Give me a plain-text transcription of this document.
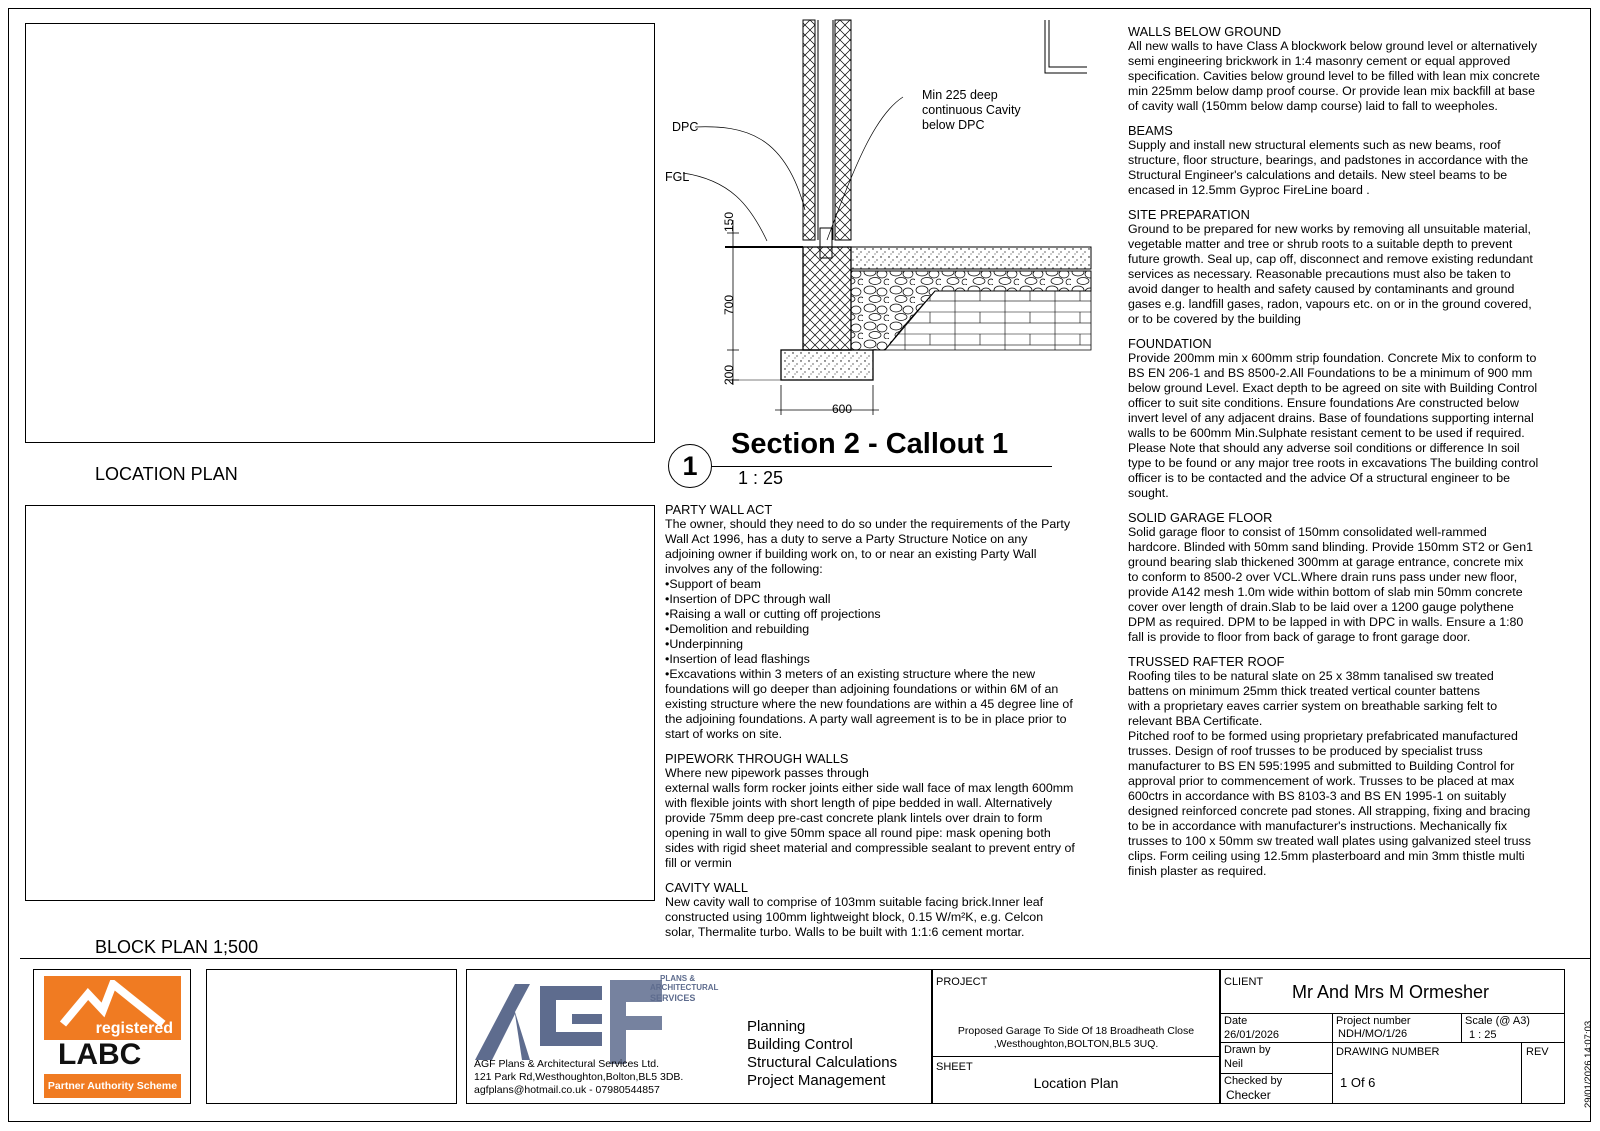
LOCATION PLAN
BLOCK PLAN 1;500
DPC
FGL
Min 225 deep
continuous Cavity
below DPC
150
700
200
600
1
Section 2 - Callout 1
1 : 25
PARTY WALL ACT

The owner, should they need to do so under the requirements of the Party
Wall Act 1996, has a duty to serve a Party Structure Notice on any
adjoining owner if building work on, to or near an existing Party Wall
involves any of the following:
•Support of beam
•Insertion of DPC through wall
•Raising a wall or cutting off projections
•Demolition and rebuilding
•Underpinning
•Insertion of lead flashings
•Excavations within 3 meters of an existing structure where the new
foundations will go deeper than adjoining foundations or within 6M of an
existing structure where the new foundations are within a 45 degree line of
the adjoining foundations. A party wall agreement is to be in place prior to
start of works on site.

PIPEWORK THROUGH WALLS

Where new pipework passes through
external walls form rocker joints either side wall face of max length 600mm
with flexible joints with short length of pipe bedded in wall. Alternatively
provide 75mm deep pre-cast concrete plank lintels over drain to form
opening in wall to give 50mm space all round pipe: mask opening both
sides with rigid sheet material and compressible sealant to prevent entry of
fill or vermin

CAVITY WALL

New cavity wall to comprise of 103mm suitable facing brick.Inner leaf
constructed using 100mm lightweight block, 0.15 W/m²K, e.g. Celcon
solar, Thermalite turbo. Walls to be built with 1:1:6 cement mortar.

WALLS BELOW GROUND

All new walls to have Class A blockwork below ground level or alternatively
semi engineering brickwork in 1:4 masonry cement or equal approved
specification. Cavities below ground level to be filled with lean mix concrete
min 225mm below damp proof course. Or provide lean mix backfill at base
of cavity wall (150mm below damp course) laid to fall to weepholes.

BEAMS

Supply and install new structural elements such as new beams, roof
structure, floor structure, bearings, and padstones in accordance with the
Structural Engineer's calculations and details. New steel beams to be
encased in 12.5mm Gyproc FireLine board .

SITE PREPARATION

Ground to be prepared for new works by removing all unsuitable material,
vegetable matter and tree or shrub roots to a suitable depth to prevent
future growth. Seal up, cap off, disconnect and remove existing redundant
services as necessary. Reasonable precautions must also be taken to
avoid danger to health and safety caused by contaminants and ground
gases e.g. landfill gases, radon, vapours etc. on or in the ground covered,
or to be covered by the building

FOUNDATION

Provide 200mm min x 600mm strip foundation. Concrete Mix to conform to
BS EN 206-1 and BS 8500-2.All Foundations to be a minimum of 900 mm
below ground Level. Exact depth to be agreed on site with Building Control
officer to suit site conditions. Ensure foundations Are constructed below
invert level of any adjacent drains. Base of foundations supporting internal
walls to be 600mm Min.Sulphate resistant cement to be used if required.
Please Note that should any adverse soil conditions or difference In soil
type to be found or any major tree roots in excavations The building control
officer is to be contacted and the advice Of a structural engineer to be
sought.

SOLID GARAGE FLOOR

Solid garage floor to consist of 150mm consolidated well-rammed
hardcore. Blinded with 50mm sand blinding. Provide 150mm ST2 or Gen1
ground bearing slab thickened 300mm at garage entrance, concrete mix
to conform to 8500-2 over VCL.Where drain runs pass under new floor,
provide A142 mesh 1.0m wide within bottom of slab min 50mm concrete
cover over length of drain.Slab to be laid over a 1200 gauge polythene
DPM as required. DPM to be lapped in with DPC in walls. Ensure a 1:80
fall is provide to floor from back of garage to front garage door.

TRUSSED RAFTER ROOF

Roofing tiles to be natural slate on 25 x 38mm tanalised sw treated
battens on minimum 25mm thick treated vertical counter battens
with a proprietary eaves carrier system on breathable sarking felt to
relevant BBA Certificate.
Pitched roof to be formed using proprietary prefabricated manufactured
trusses. Design of roof trusses to be produced by specialist truss
manufacturer to BS EN 595:1995 and submitted to Building Control for
approval prior to commencement of work. Trusses to be placed at max
600ctrs in accordance with BS 8103-3 and BS EN 1995-1 on suitably
designed reinforced concrete pad stones. All strapping, fixing and bracing
to be in accordance with manufacturer's instructions. Mechanically fix
trusses to 100 x 50mm sw treated wall plates using galvanized steel truss
clips. Form ceiling using 12.5mm plasterboard and min 3mm thistle multi
finish plaster as required.

registered
LABC
Partner Authority Scheme
PLANS &
ARCHITECTURAL
SERVICES
AGF Plans & Architectural Services Ltd.
121 Park Rd,Westhoughton,Bolton,BL5 3DB.
agfplans@hotmail.co.uk - 07980544857
Planning
Building Control
Structural Calculations
Project Management
PROJECT
Proposed Garage To Side Of 18 Broadheath Close
,Westhoughton,BOLTON,BL5 3UQ.
SHEET
Location Plan
CLIENT Mr And Mrs M Ormesher
Date
26/01/2026
Project number
NDH/MO/1/26
Scale (@ A3)
1 : 25
Drawn by
Neil
DRAWING NUMBER
1 Of 6
REV
Checked by
Checker	29/01/2026 14:07:03
